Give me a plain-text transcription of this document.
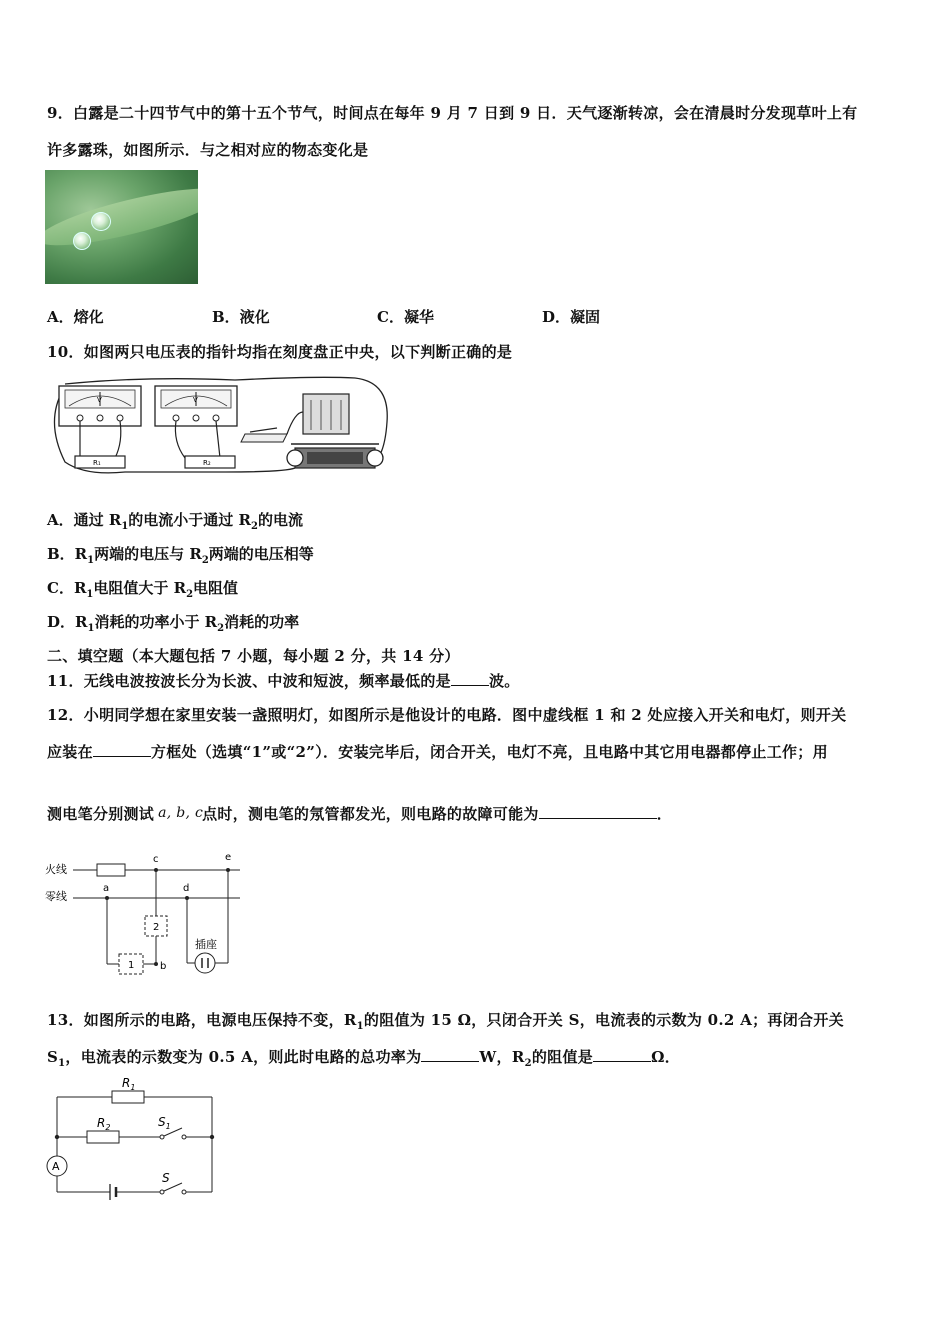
9．白露是二十四节气中的第十五个节气，时间点在每年 9 月 7 日到 9 日．天气逐渐转凉，会在清晨时分发现草叶上有
许多露珠，如图所示．与之相对应的物态变化是
A．熔化	B．液化	C．凝华	D．凝固
10．如图两只电压表的指针均指在刻度盘正中央，以下判断正确的是
V	V
R₁	R₂
A．通过 $R_1$的电流小于通过 $R_2$的电流
B．$R_1$两端的电压与 $R_2$两端的电压相等
C．$R_1$电阻值大于 $R_2$电阻值
D．$R_1$消耗的功率小于 $R_2$消耗的功率
二、填空题（本大题包括 7 小题，每小题 2 分，共 14 分）
11．无线电波按波长分为长波、中波和短波，频率最低的是	波。
12．小明同学想在家里安装一盏照明灯，如图所示是他设计的电路．图中虚线框 1 和 2 处应接入开关和电灯，则开关
应装在	方框处（选填“1”或“2”）．安装完毕后，闭合开关，电灯不亮，且电路中其它用电器都停止工作；用
测电笔分别测试 a, b, c
点时，测电笔的氖管都发光，则电路的故障可能为	．
火线
零线
c	e
a	d
2
b
1
插座
13．如图所示的电路，电源电压保持不变，$R_1$的阻值为 15 Ω，只闭合开关 S，电流表的示数为 0.2 A；再闭合开关
$S_1$，电流表的示数变为 0.5 A，则此时电路的总功率为	W，$R_2$的阻值是	Ω．
$R_1$
$R_2$	$S_1$
A
S
